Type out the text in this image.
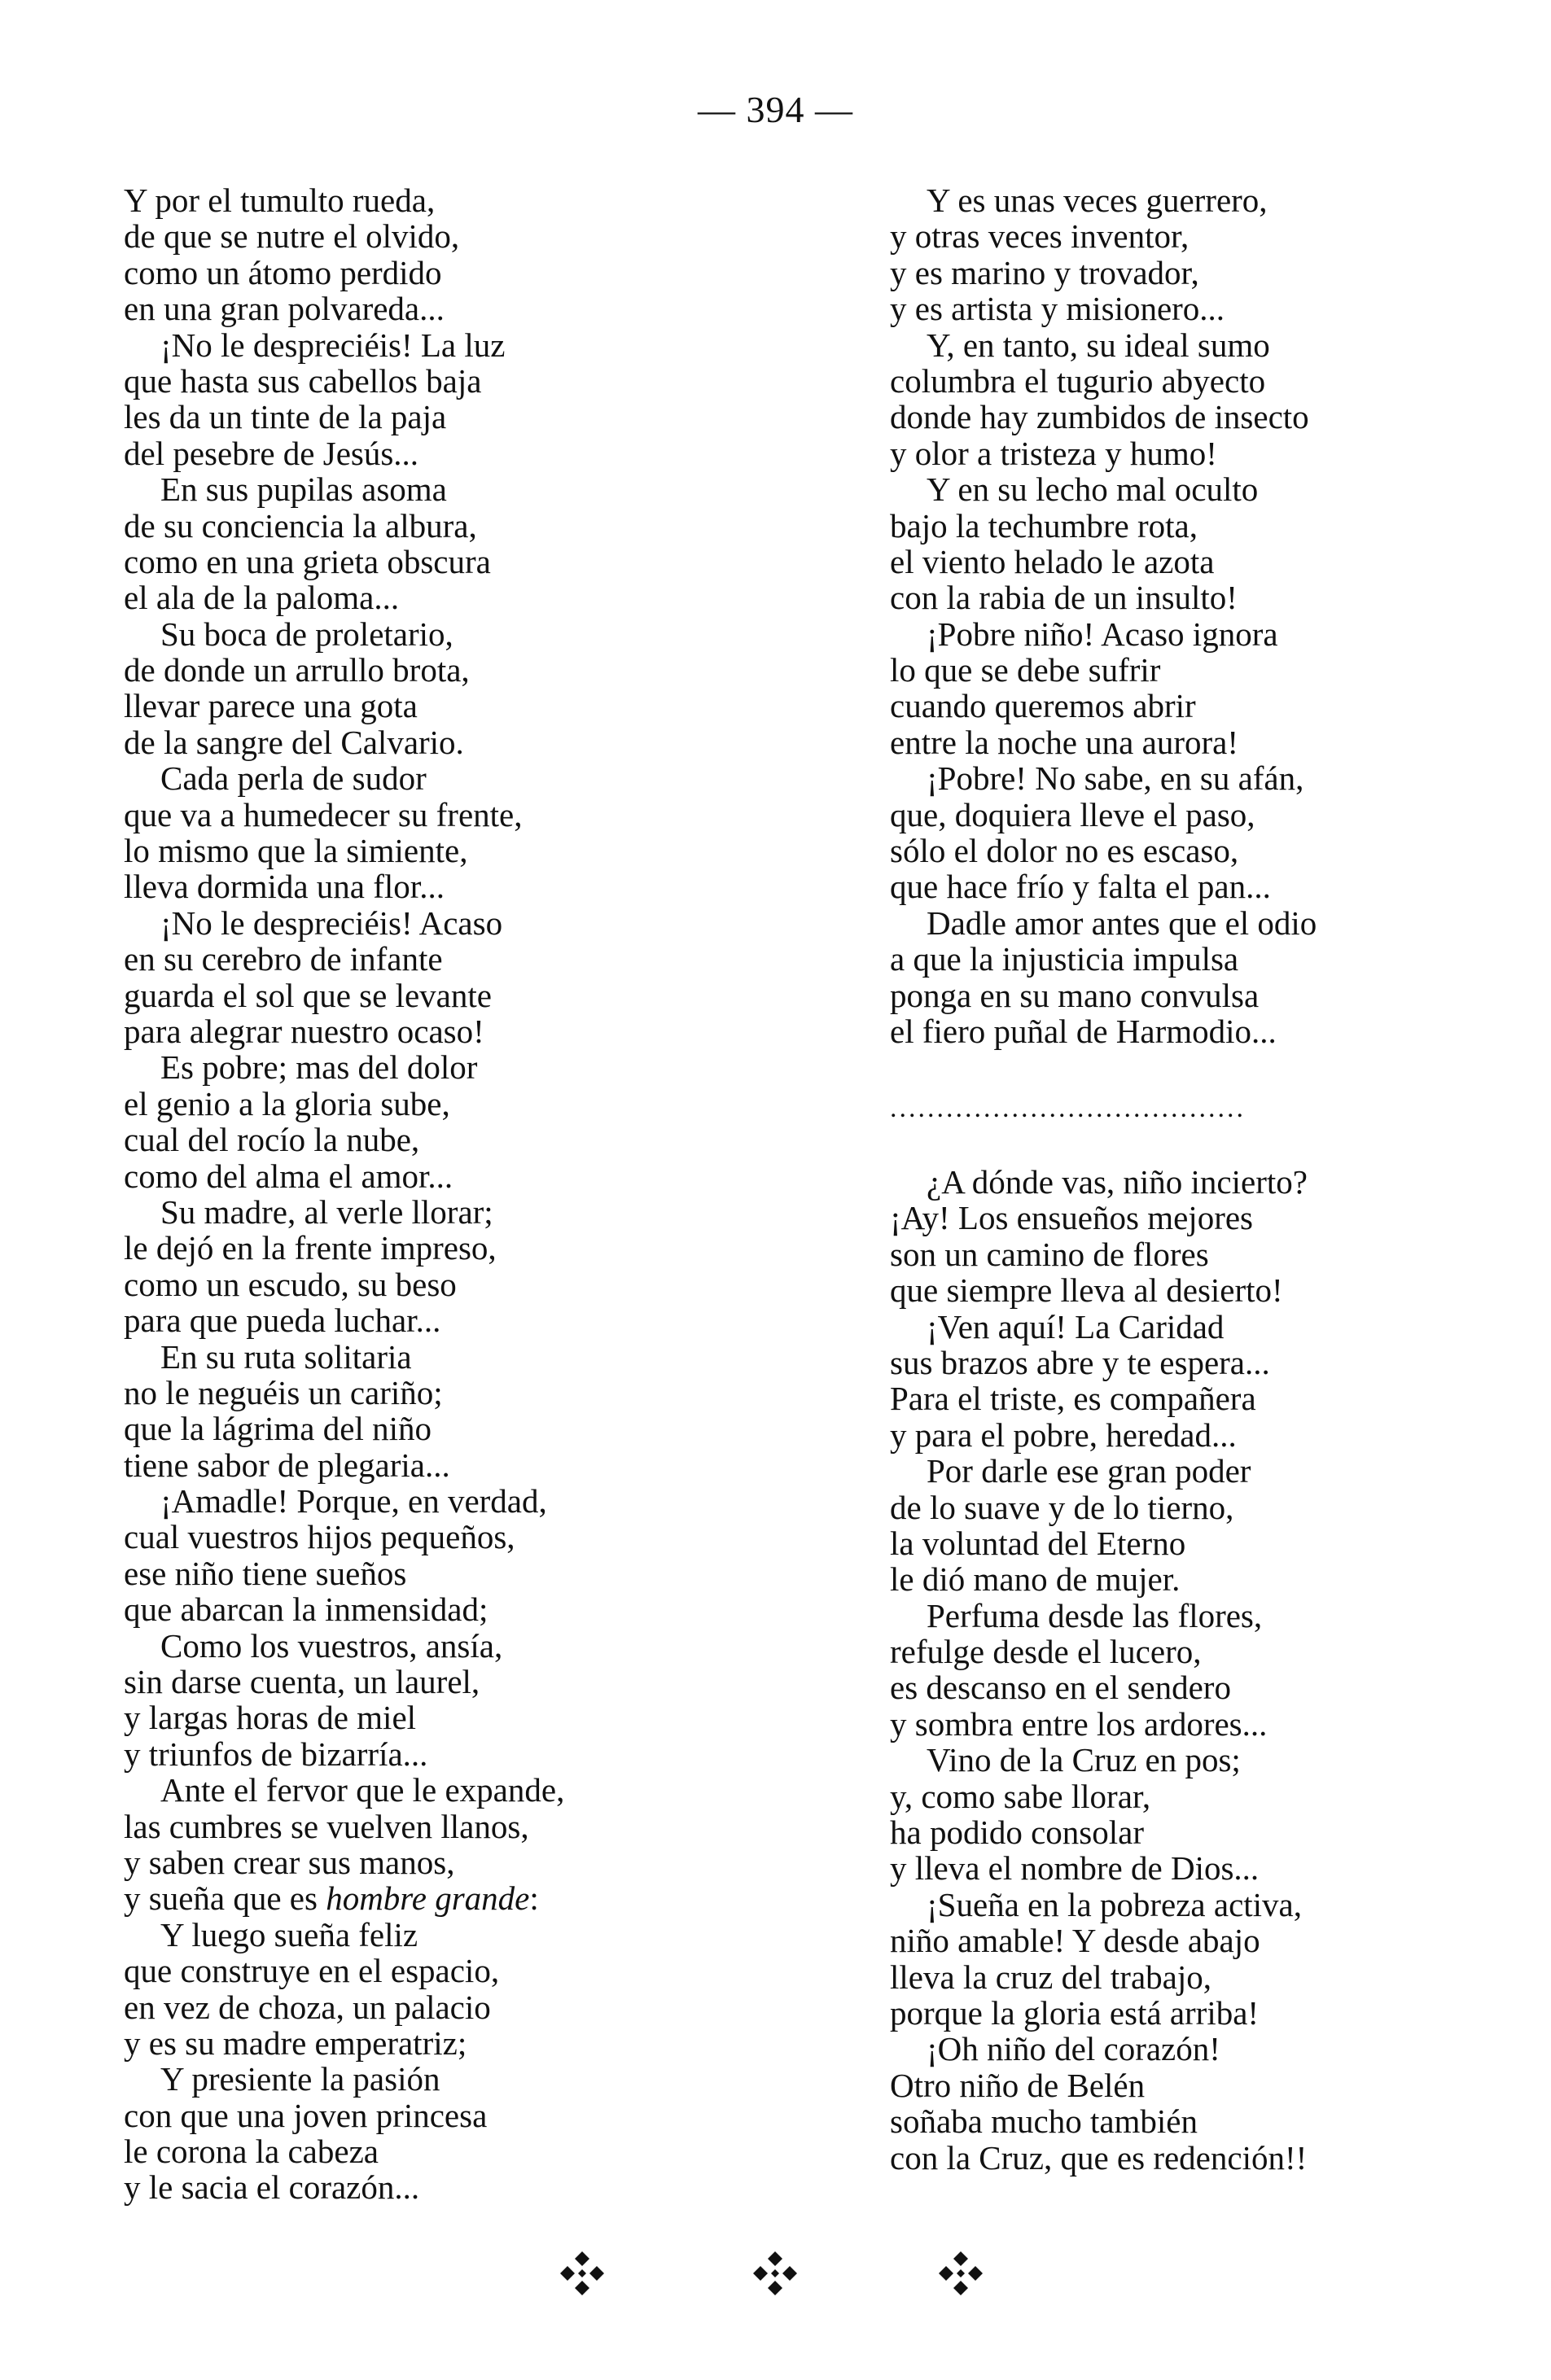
— 394 —
Y por el tumulto rueda,
de que se nutre el olvido,
como un átomo perdido
en una gran polvareda...
¡No le despreciéis! La luz
que hasta sus cabellos baja
les da un tinte de la paja
del pesebre de Jesús...
En sus pupilas asoma
de su conciencia la albura,
como en una grieta obscura
el ala de la paloma...
Su boca de proletario,
de donde un arrullo brota,
llevar parece una gota
de la sangre del Calvario.
Cada perla de sudor
que va a humedecer su frente,
lo mismo que la simiente,
lleva dormida una flor...
¡No le despreciéis! Acaso
en su cerebro de infante
guarda el sol que se levante
para alegrar nuestro ocaso!
Es pobre; mas del dolor
el genio a la gloria sube,
cual del rocío la nube,
como del alma el amor...
Su madre, al verle llorar;
le dejó en la frente impreso,
como un escudo, su beso
para que pueda luchar...
En su ruta solitaria
no le neguéis un cariño;
que la lágrima del niño
tiene sabor de plegaria...
¡Amadle! Porque, en verdad,
cual vuestros hijos pequeños,
ese niño tiene sueños
que abarcan la inmensidad;
Como los vuestros, ansía,
sin darse cuenta, un laurel,
y largas horas de miel
y triunfos de bizarría...
Ante el fervor que le expande,
las cumbres se vuelven llanos,
y saben crear sus manos,
y sueña que es hombre grande:
Y luego sueña feliz
que construye en el espacio,
en vez de choza, un palacio
y es su madre emperatriz;
Y presiente la pasión
con que una joven princesa
le corona la cabeza
y le sacia el corazón...
Y es unas veces guerrero,
y otras veces inventor,
y es marino y trovador,
y es artista y misionero...
Y, en tanto, su ideal sumo
columbra el tugurio abyecto
donde hay zumbidos de insecto
y olor a tristeza y humo!
Y en su lecho mal oculto
bajo la techumbre rota,
el viento helado le azota
con la rabia de un insulto!
¡Pobre niño! Acaso ignora
lo que se debe sufrir
cuando queremos abrir
entre la noche una aurora!
¡Pobre! No sabe, en su afán,
que, doquiera lleve el paso,
sólo el dolor no es escaso,
que hace frío y falta el pan...
Dadle amor antes que el odio
a que la injusticia impulsa
ponga en su mano convulsa
el fiero puñal de Harmodio...
......................................
¿A dónde vas, niño incierto?
¡Ay! Los ensueños mejores
son un camino de flores
que siempre lleva al desierto!
¡Ven aquí! La Caridad
sus brazos abre y te espera...
Para el triste, es compañera
y para el pobre, heredad...
Por darle ese gran poder
de lo suave y de lo tierno,
la voluntad del Eterno
le dió mano de mujer.
Perfuma desde las flores,
refulge desde el lucero,
es descanso en el sendero
y sombra entre los ardores...
Vino de la Cruz en pos;
y, como sabe llorar,
ha podido consolar
y lleva el nombre de Dios...
¡Sueña en la pobreza activa,
niño amable! Y desde abajo
lleva la cruz del trabajo,
porque la gloria está arriba!
¡Oh niño del corazón!
Otro niño de Belén
soñaba mucho también
con la Cruz, que es redención!!
